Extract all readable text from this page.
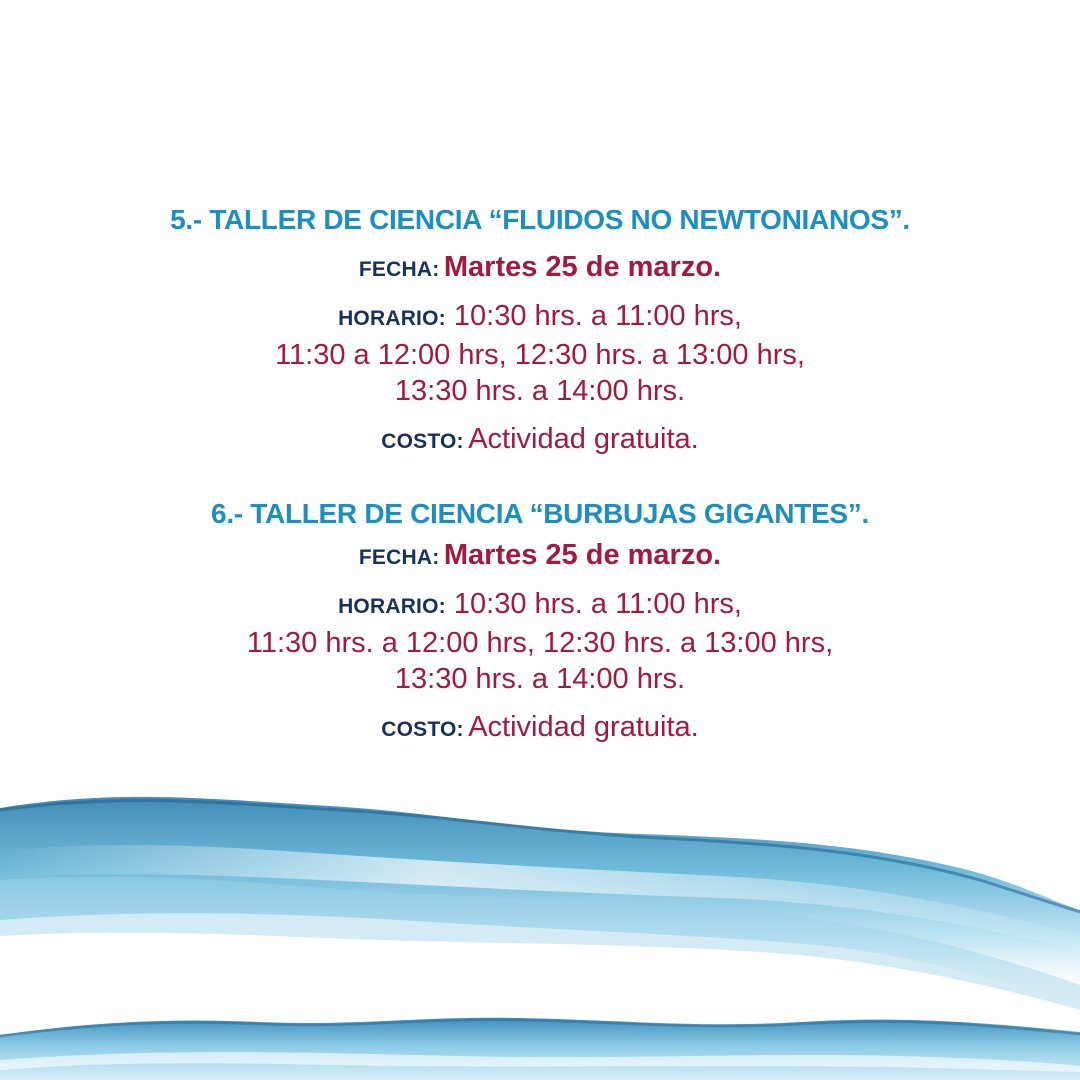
5.- TALLER DE CIENCIA “FLUIDOS NO NEWTONIANOS”.

FECHA: Martes 25 de marzo.

HORARIO: 10:30 hrs. a 11:00 hrs,
11:30 a 12:00 hrs, 12:30 hrs. a 13:00 hrs,
13:30 hrs. a 14:00 hrs.

COSTO: Actividad gratuita.

6.- TALLER DE CIENCIA “BURBUJAS GIGANTES”.

FECHA: Martes 25 de marzo.

HORARIO: 10:30 hrs. a 11:00 hrs,
11:30 hrs. a 12:00 hrs, 12:30 hrs. a 13:00 hrs,
13:30 hrs. a 14:00 hrs.

COSTO: Actividad gratuita.
